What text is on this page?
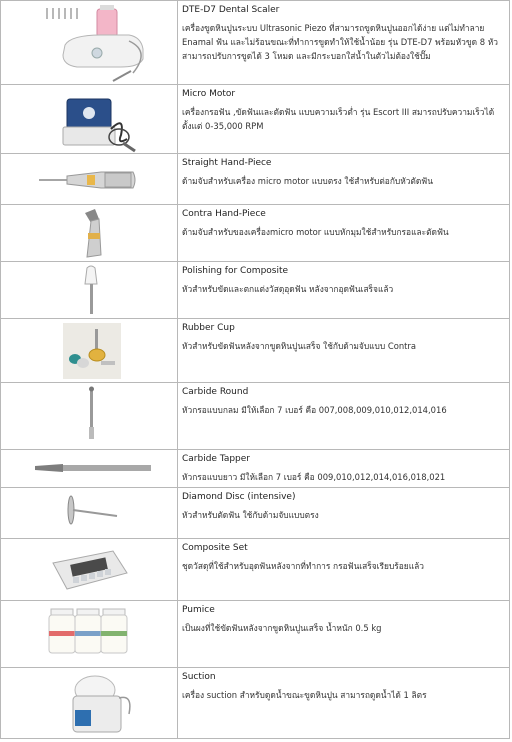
DTE-D7 Dental Scaler
เครื่องขูดหินปูนระบบ Ultrasonic Piezo ที่สามารถขูดหินปูนออกได้ง่าย แต่ไม่ทำลาย Enamal ฟัน และไม่ร้อนขณะที่ทำการขูดทำให้ใช้น้ำน้อย รุ่น DTE-D7 พร้อมหัวขูด 8 หัว สามารถปรับการขูดได้ 3 โหมด และมีกระบอกใส่น้ำในตัวไม่ต้องใช้ปั๊ม

Micro Motor
เครื่องกรอฟัน ,ขัดฟันและตัดฟัน แบบความเร็วต่ำ รุ่น Escort III สมารถปรับความเร็วได้ ตั้งแต่ 0-35,000 RPM

Straight Hand-Piece
ด้ามจับสำหรับเครื่อง micro motor แบบตรง ใช้สำหรับต่อกับหัวตัดฟัน

Contra Hand-Piece
ด้ามจับสำหรับของเครื่องmicro motor แบบหักมุมใช้สำหรับกรอและตัดฟัน

Polishing for Composite
หัวสำหรับขัดและตกแต่งวัสดุอุดฟัน หลังจากอุดฟันเสร็จแล้ว

Rubber Cup
หัวสำหรับขัดฟันหลังจากขูดหินปูนเสร็จ ใช้กับด้ามจับแบบ Contra

Carbide Round
หัวกรอแบบกลม มีให้เลือก 7 เบอร์ คือ 007,008,009,010,012,014,016

Carbide Tapper
หัวกรอแบบยาว มีให้เลือก 7 เบอร์ คือ 009,010,012,014,016,018,021

Diamond Disc (intensive)
หัวสำหรับตัดฟัน ใช้กับด้ามจับแบบตรง

Composite Set
ชุดวัสดุที่ใช้สำหรับอุดฟันหลังจากที่ทำการ กรอฟันเสร็จเรียบร้อยแล้ว

Pumice
เป็นผงที่ใช้ขัดฟันหลังจากขูดหินปูนเสร็จ น้ำหนัก 0.5 kg

Suction
เครื่อง suction สำหรับดูดน้ำขณะขูดหินปูน สามารถดูดน้ำได้ 1 ลิตร
